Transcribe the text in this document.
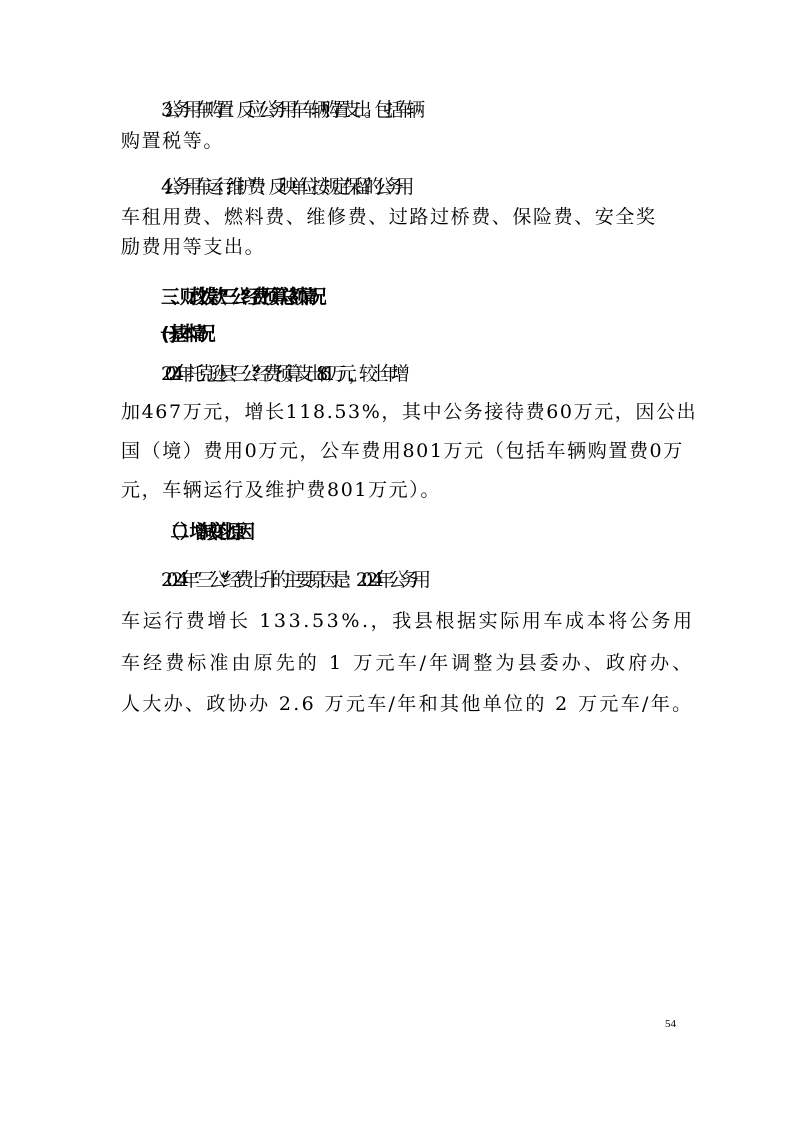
3.公务用车购置：反应公务用车车辆购置支出。包括车辆
购置税等。
4.公务用车运行维护费：反映单位按规定保留的公务用
车租用费、燃料费、维修费、过路过桥费、保险费、安全奖
励费用等支出。
三、财政拨款“三公”经费预算总额情况
(一)基本情况
2024年托克逊县“三公”经费预算支出861万元，较上年增
加467万元，增长118.53%，其中公务接待费60万元，因公出
国（境）费用0万元，公车费用801万元（包括车辆购置费0万
元，车辆运行及维护费801万元）。
（二）增减变化原因
2024 年“三公”经费上升的主要原因是：2024 年公务用
车运行费增长 133.53%.，我县根据实际用车成本将公务用
车经费标准由原先的 1 万元车/年调整为县委办、政府办、
人大办、政协办 2.6 万元车/年和其他单位的 2 万元车/年。
54
